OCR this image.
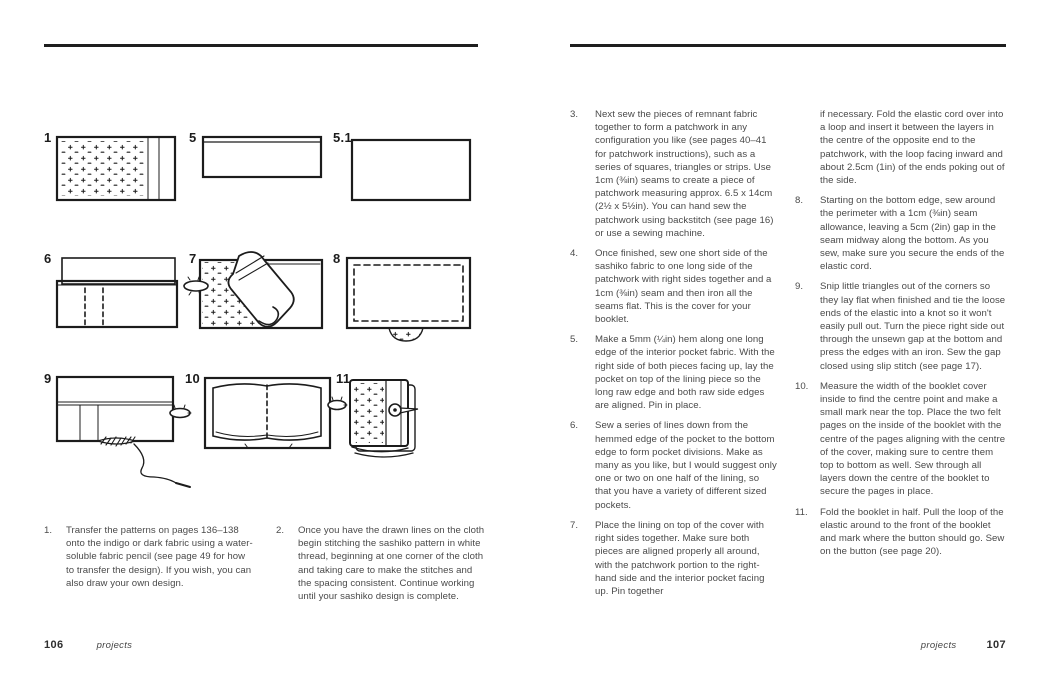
1	5	5.1
6	7	8
9	10	11
1.	Transfer the patterns on pages 136–138 onto the indigo or dark fabric using a water-soluble fabric pencil (see page 49 for how to transfer the design). If you wish, you can also draw your own design.

2.	Once you have the drawn lines on the cloth begin stitching the sashiko pattern in white thread, beginning at one corner of the cloth and taking care to make the stitches and the spacing consistent. Continue working until your sashiko design is complete.

106	projects
3.	Next sew the pieces of remnant fabric together to form a patchwork in any configuration you like (see pages 40–41 for patchwork instructions), such as a series of squares, triangles or strips. Use 1cm (⅜in) seams to create a piece of patchwork measuring approx. 6.5 x 14cm (2½ x 5½in). You can hand sew the patchwork using backstitch (see page 16) or use a sewing machine.

4.	Once finished, sew one short side of the sashiko fabric to one long side of the patchwork with right sides together and a 1cm (⅜in) seam and then iron all the seams flat. This is the cover for your booklet.

5.	Make a 5mm (¼in) hem along one long edge of the interior pocket fabric. With the right side of both pieces facing up, lay the pocket on top of the lining piece so the long raw edge and both raw side edges are aligned. Pin in place.

6.	Sew a series of lines down from the hemmed edge of the pocket to the bottom edge to form pocket divisions. Make as many as you like, but I would suggest only one or two on one half of the lining, so that you have a variety of different sized pockets.

7.	Place the lining on top of the cover with right sides together. Make sure both pieces are aligned properly all around, with the patchwork portion to the right-hand side and the interior pocket facing up. Pin together

if necessary. Fold the elastic cord over into a loop and insert it between the layers in the centre of the opposite end to the patchwork, with the loop facing inward and about 2.5cm (1in) of the ends poking out of the side.

8.	Starting on the bottom edge, sew around the perimeter with a 1cm (⅜in) seam allowance, leaving a 5cm (2in) gap in the seam midway along the bottom. As you sew, make sure you secure the ends of the elastic cord.

9.	Snip little triangles out of the corners so they lay flat when finished and tie the loose ends of the elastic into a knot so it won't easily pull out. Turn the piece right side out through the unsewn gap at the bottom and press the edges with an iron. Sew the gap closed using slip stitch (see page 17).

10.	Measure the width of the booklet cover inside to find the centre point and make a small mark near the top. Place the two felt pages on the inside of the booklet with the centre of the pages aligning with the centre of the cover, making sure to centre them top to bottom as well. Sew through all layers down the centre of the booklet to secure the pages in place.

11.	Fold the booklet in half. Pull the loop of the elastic around to the front of the booklet and mark where the button should go. Sew on the button (see page 20).

projects	107
